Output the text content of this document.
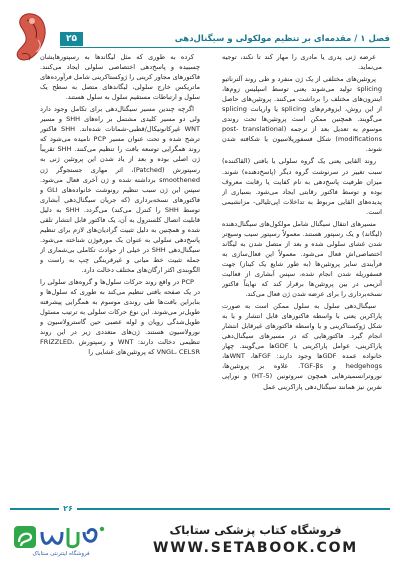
فصل ۱ / مقدمه‌ای بر تنظیم مولکولی و سیگنال‌دهی
۲۵

عرضه ژنی پدری یا مادری را مهار کند تا نکند، توجیه می‌نماید.

پروتئین‌های مختلفی از یک ژن منفرد و طی روند آلترناتیو splicing تولید می‌شوند یعنی توسط اسپلیس زوم‌ها، اینترون‌های مختلف را برداشت می‌کنند. پروتئین‌های حاصل از این روش، ایزوفرم‌های splicing یا واریانت splicing می‌گویند. همچنین ممکن است پروتئین‌ها تحت روندی موسوم به تعدیل بعد از ترجمه (post- translational modifications) شکل فسفوریلاسیون یا شکافته شدن شوند.

روند القایی یعنی یک گروه سلولی یا بافتی (القاکننده) سبب تغییر در سرنوشت گروه دیگر (پاسخ‌دهنده) شوند. میزان ظرفیت پاسخ‌دهی به نام کفایت یا رقابت معروف بوده و توسط فاکتور رقابتی ایجاد می‌شود. بسیاری از پدیده‌های القایی مربوط به تداخلات اپی‌تلیالی- مزانشیمی است.

مسیرهای انتقال سیگنال شامل مولکول‌های سیگنال‌دهنده (لیگاند) و یک رسپتور هستند. معمولاً رسپتور سیب وسیع‌تر شدن غشای سلولی شده و بعد از متصل شدن به لیگاند اختصاصی‌اش فعال می‌شود. معمولاً این فعال‌سازی به فرآیندی سایر پروتئین‌ها (به طور شایع یک کیناز) جهت فسفوریله شدن انجام شده، سپس آبشاری از فعالیت آنزیمی در بین پروتئین‌ها برقرار کند که نهایتاً فاکتور نسخه‌برداری را برای عرضه شدن ژن فعال می‌کند.

سیگنال‌دهی سلول به سلول ممکن است به صورت پاراکرین یعنی با واسطه فاکتورهای قابل انتشار و یا به شکل ژوکستاکرینی و یا واسطه فاکتورهای غیرقابل انتشار انجام گیرد. فاکتورهایی که در مسیرهای سیگنال‌دهی پاراکرینی، عوامل پاراکرینی یا GDFها می‌گویند. چهار خانواده عمده GDFها وجود دارند: FGFها، WNTها، hedgehogs و TGF-βs. علاوه بر پروتئین‌ها، نوروترانسمیترهایی همچون سروتونین (5-HT) و نوراپی نفرین نیز همانند سیگنال‌دهی پاراکرینی عمل

کرده به طوری که مثل لیگاندها به رسپتورهایشان چسبیده و پاسخ‌دهی اختصاصی سلولی ایجاد می‌کنند. فاکتورهای مجاور کرینی را ژوکستاکرینی شامل فرآورده‌های ماتریکس خارج سلولی، لیگاندهای متصل به سطح یک سلول و ارتباطات مستقیم سلول به سلول هستند.

اگرچه چندین مسیر سیگنال‌دهی برای تکامل وجود دارد ولی دو مسیر کلیدی مشتمل بر راه‌های SHH و مسیر WNT غیرکانونیکال/قطبی-شماتات شده‌اند. SHH فاکتور ترشح شده و تحت عنوان مسیر PCP نامیده می‌شود که روند همگرایی توسعه بافت را تنظیم می‌کنند. SHH تقریباً ژن اصلی بوده و بعد از یاد شدن این پروتئین ژنی به رسپتورش (Patched)، اثر مهاری جستجوگر ژن smoothened برداشته شده و ژن آخری فعال می‌شود. سپس این ژن سبب تنظیم رونوشت خانواده‌های GLI و فاکتورهای نسخه‌برداری (که جریان سیگنال‌دهی آبشاری توسط SHH را کنترل می‌کند) می‌گردد. SHH به دلیل قابلیت اتصال کلسترول به آن، یک فاکتور قابل انتشار تلقی شده و همچنین به دلیل تثبیت گرادیان‌های لازم برای تنظیم پاسخ‌دهی سلولی به عنوان یک مورفوژن شناخته می‌شود. سیگنال‌دهی SHH در خیلی از حوادث تکاملی بی‌شماری از جمله تثبیت خط میانی و غیرقرینگی چپ به راست و الگوبندی اکثر ارگان‌های مختلف دخالت دارد.

PCP در واقع روند حرکات سلول‌ها و گروه‌های سلولی را در یک صفحه بافتی تنظیم می‌کند به طوری که سلول‌ها و بنابراین بافت‌ها طی روندی موسوم به همگرایی پیشرفته طویل‌تر می‌شوند. این نوع حرکات سلولی به ترتیب مسئول طویل‌شدگی رویان و لوله عصبی حین گاسترولاسیون و نورولاسیون هستند. ژن‌های متعددی زیر در این روند تنظیمی دخالت دارند: WNT و رسپتورش FRIZZLED، VNGL، CELSR که پروتئین‌های غشایی را

۲۶
فروشگاه اینترنتی ستاباک
فروشگاه کتاب پزشکی ستاباک
WWW.SETABOOK.COM
